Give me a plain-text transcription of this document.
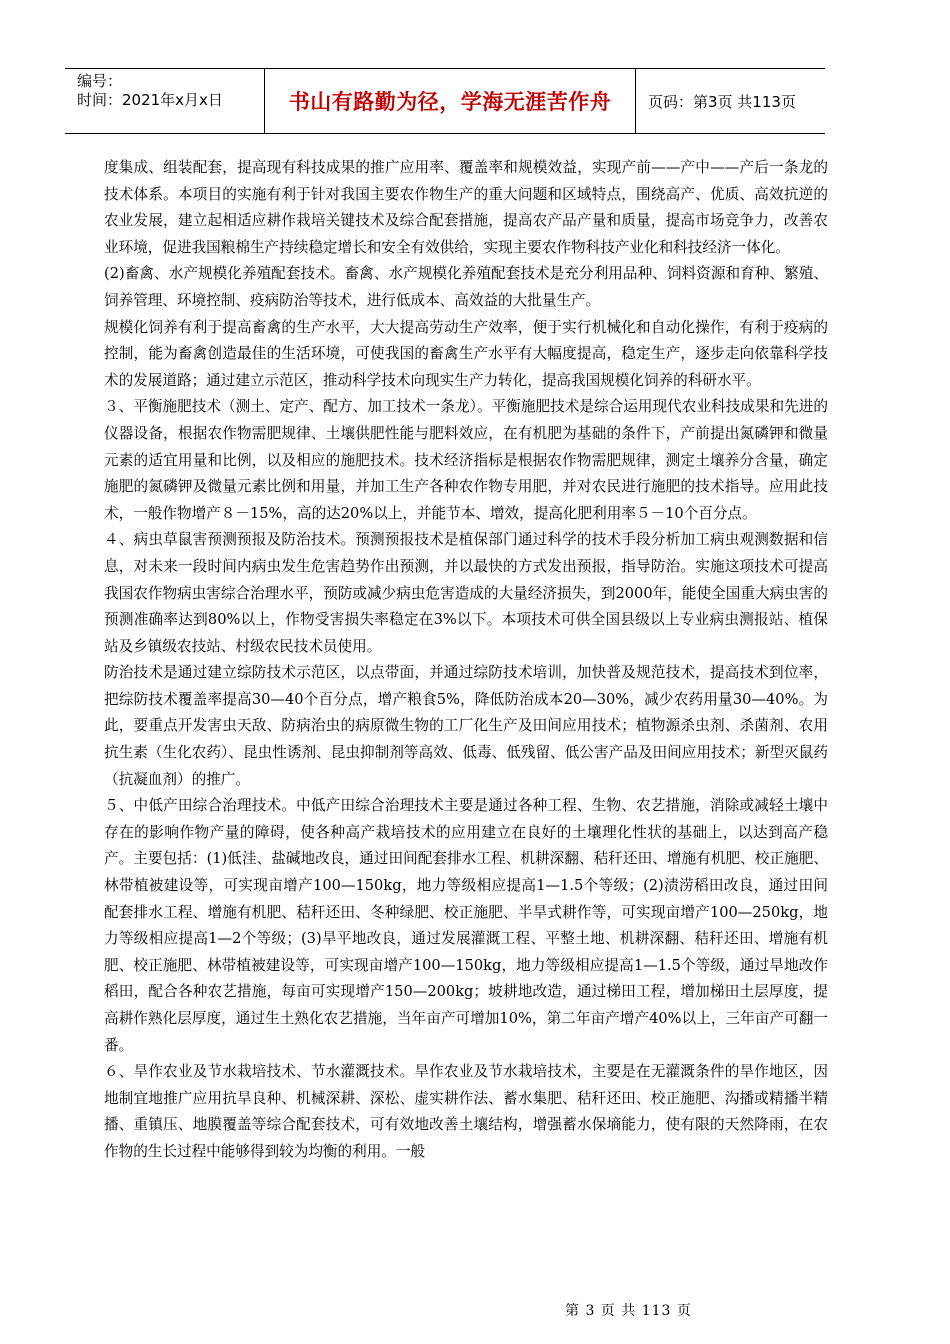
编号：
时间：2021年x月x日	书山有路勤为径，学海无涯苦作舟	页码：第3页 共113页

度集成、组装配套，提高现有科技成果的推广应用率、覆盖率和规模效益，实现产前——产中——产后一条龙的技术体系。本项目的实施有利于针对我国主要农作物生产的重大问题和区域特点，围绕高产、优质、高效抗逆的农业发展，建立起相适应耕作栽培关键技术及综合配套措施，提高农产品产量和质量，提高市场竞争力，改善农业环境，促进我国粮棉生产持续稳定增长和安全有效供给，实现主要农作物科技产业化和科技经济一体化。

(2)畜禽、水产规模化养殖配套技术。畜禽、水产规模化养殖配套技术是充分利用品种、饲料资源和育种、繁殖、饲养管理、环境控制、疫病防治等技术，进行低成本、高效益的大批量生产。

规模化饲养有利于提高畜禽的生产水平，大大提高劳动生产效率，便于实行机械化和自动化操作，有利于疫病的控制，能为畜禽创造最佳的生活环境，可使我国的畜禽生产水平有大幅度提高，稳定生产，逐步走向依靠科学技术的发展道路；通过建立示范区，推动科学技术向现实生产力转化，提高我国规模化饲养的科研水平。

３、平衡施肥技术（测土、定产、配方、加工技术一条龙）。平衡施肥技术是综合运用现代农业科技成果和先进的仪器设备，根据农作物需肥规律、土壤供肥性能与肥料效应，在有机肥为基础的条件下，产前提出氮磷钾和微量元素的适宜用量和比例，以及相应的施肥技术。技术经济指标是根据农作物需肥规律，测定土壤养分含量，确定施肥的氮磷钾及微量元素比例和用量，并加工生产各种农作物专用肥，并对农民进行施肥的技术指导。应用此技术，一般作物增产８－15%，高的达20%以上，并能节本、增效，提高化肥利用率５－10个百分点。

４、病虫草鼠害预测预报及防治技术。预测预报技术是植保部门通过科学的技术手段分析加工病虫观测数据和信息，对未来一段时间内病虫发生危害趋势作出预测，并以最快的方式发出预报，指导防治。实施这项技术可提高我国农作物病虫害综合治理水平，预防或减少病虫危害造成的大量经济损失，到2000年，能使全国重大病虫害的预测准确率达到80%以上，作物受害损失率稳定在3%以下。本项技术可供全国县级以上专业病虫测报站、植保站及乡镇级农技站、村级农民技术员使用。

防治技术是通过建立综防技术示范区，以点带面，并通过综防技术培训，加快普及规范技术，提高技术到位率，把综防技术覆盖率提高30—40个百分点，增产粮食5%，降低防治成本20—30%，减少农药用量30—40%。为此，要重点开发害虫天敌、防病治虫的病原微生物的工厂化生产及田间应用技术；植物源杀虫剂、杀菌剂、农用抗生素（生化农药）、昆虫性诱剂、昆虫抑制剂等高效、低毒、低残留、低公害产品及田间应用技术；新型灭鼠药（抗凝血剂）的推广。

５、中低产田综合治理技术。中低产田综合治理技术主要是通过各种工程、生物、农艺措施，消除或减轻土壤中存在的影响作物产量的障碍，使各种高产栽培技术的应用建立在良好的土壤理化性状的基础上，以达到高产稳产。主要包括：(1)低洼、盐碱地改良，通过田间配套排水工程、机耕深翻、秸秆还田、增施有机肥、校正施肥、林带植被建设等，可实现亩增产100—150kg，地力等级相应提高1—1.5个等级；(2)渍涝稻田改良，通过田间配套排水工程、增施有机肥、秸秆还田、冬种绿肥、校正施肥、半旱式耕作等，可实现亩增产100—250kg，地力等级相应提高1—2个等级；(3)旱平地改良，通过发展灌溉工程、平整土地、机耕深翻、秸秆还田、增施有机肥、校正施肥、林带植被建设等，可实现亩增产100—150kg，地力等级相应提高1—1.5个等级，通过旱地改作稻田，配合各种农艺措施，每亩可实现增产150—200kg；坡耕地改造，通过梯田工程，增加梯田土层厚度，提高耕作熟化层厚度，通过生土熟化农艺措施，当年亩产可增加10%，第二年亩产增产40%以上，三年亩产可翻一番。

６、旱作农业及节水栽培技术、节水灌溉技术。旱作农业及节水栽培技术，主要是在无灌溉条件的旱作地区，因地制宜地推广应用抗旱良种、机械深耕、深松、虚实耕作法、蓄水集肥、秸秆还田、校正施肥、沟播或精播半精播、重镇压、地膜覆盖等综合配套技术，可有效地改善土壤结构，增强蓄水保墒能力，使有限的天然降雨，在农作物的生长过程中能够得到较为均衡的利用。一般

第 3 页 共 113 页
